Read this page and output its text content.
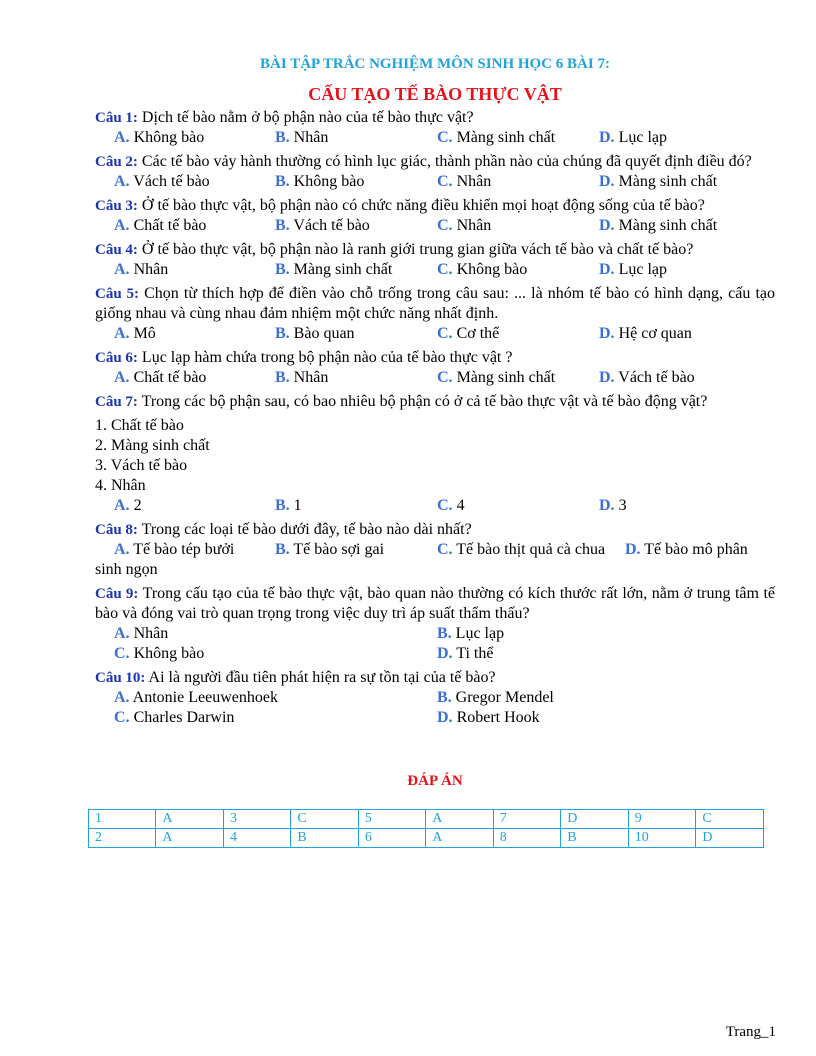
BÀI TẬP TRẮC NGHIỆM MÔN SINH HỌC 6 BÀI 7:
CẤU TẠO TẾ BÀO THỰC VẬT

Câu 1: Dịch tế bào nằm ở bộ phận nào của tế bào thực vật?

A. Không bào	B. Nhân	C. Màng sinh chất	D. Lục lạp

Câu 2: Các tế bào vảy hành thường có hình lục giác, thành phần nào của chúng đã quyết định điều đó?

A. Vách tế bào	B. Không bào	C. Nhân	D. Màng sinh chất

Câu 3: Ở tế bào thực vật, bộ phận nào có chức năng điều khiển mọi hoạt động sống của tế bào?

A. Chất tế bào	B. Vách tế bào	C. Nhân	D. Màng sinh chất

Câu 4: Ở tế bào thực vật, bộ phận nào là ranh giới trung gian giữa vách tế bào và chất tế bào?

A. Nhân	B. Màng sinh chất	C. Không bào	D. Lục lạp

Câu 5: Chọn từ thích hợp để điền vào chỗ trống trong câu sau: ... là nhóm tế bào có hình dạng, cấu tạo giống nhau và cùng nhau đảm nhiệm một chức năng nhất định.

A. Mô	B. Bào quan	C. Cơ thể	D. Hệ cơ quan

Câu 6: Lục lạp hàm chứa trong bộ phận nào của tế bào thực vật ?

A. Chất tế bào	B. Nhân	C. Màng sinh chất	D. Vách tế bào

Câu 7: Trong các bộ phận sau, có bao nhiêu bộ phận có ở cả tế bào thực vật và tế bào động vật?

1. Chất tế bào
2. Màng sinh chất
3. Vách tế bào
4. Nhân
A. 2	B. 1	C. 4	D. 3

Câu 8: Trong các loại tế bào dưới đây, tế bào nào dài nhất?

A. Tế bào tép bưởi	B. Tế bào sợi gai	C. Tế bào thịt quả cà chua D. Tế bào mô phân

sinh ngọn

Câu 9: Trong cấu tạo của tế bào thực vật, bào quan nào thường có kích thước rất lớn, nằm ở trung tâm tế bào và đóng vai trò quan trọng trong việc duy trì áp suất thẩm thấu?

A. Nhân	B. Lục lạp
C. Không bào	D. Ti thể

Câu 10: Ai là người đầu tiên phát hiện ra sự tồn tại của tế bào?

A. Antonie Leeuwenhoek	B. Gregor Mendel
C. Charles Darwin	D. Robert Hook
ĐÁP ÁN
1	A	3	C	5	A	7	D	9	C
2	A	4	B	6	A	8	B	10	D
Trang_1
